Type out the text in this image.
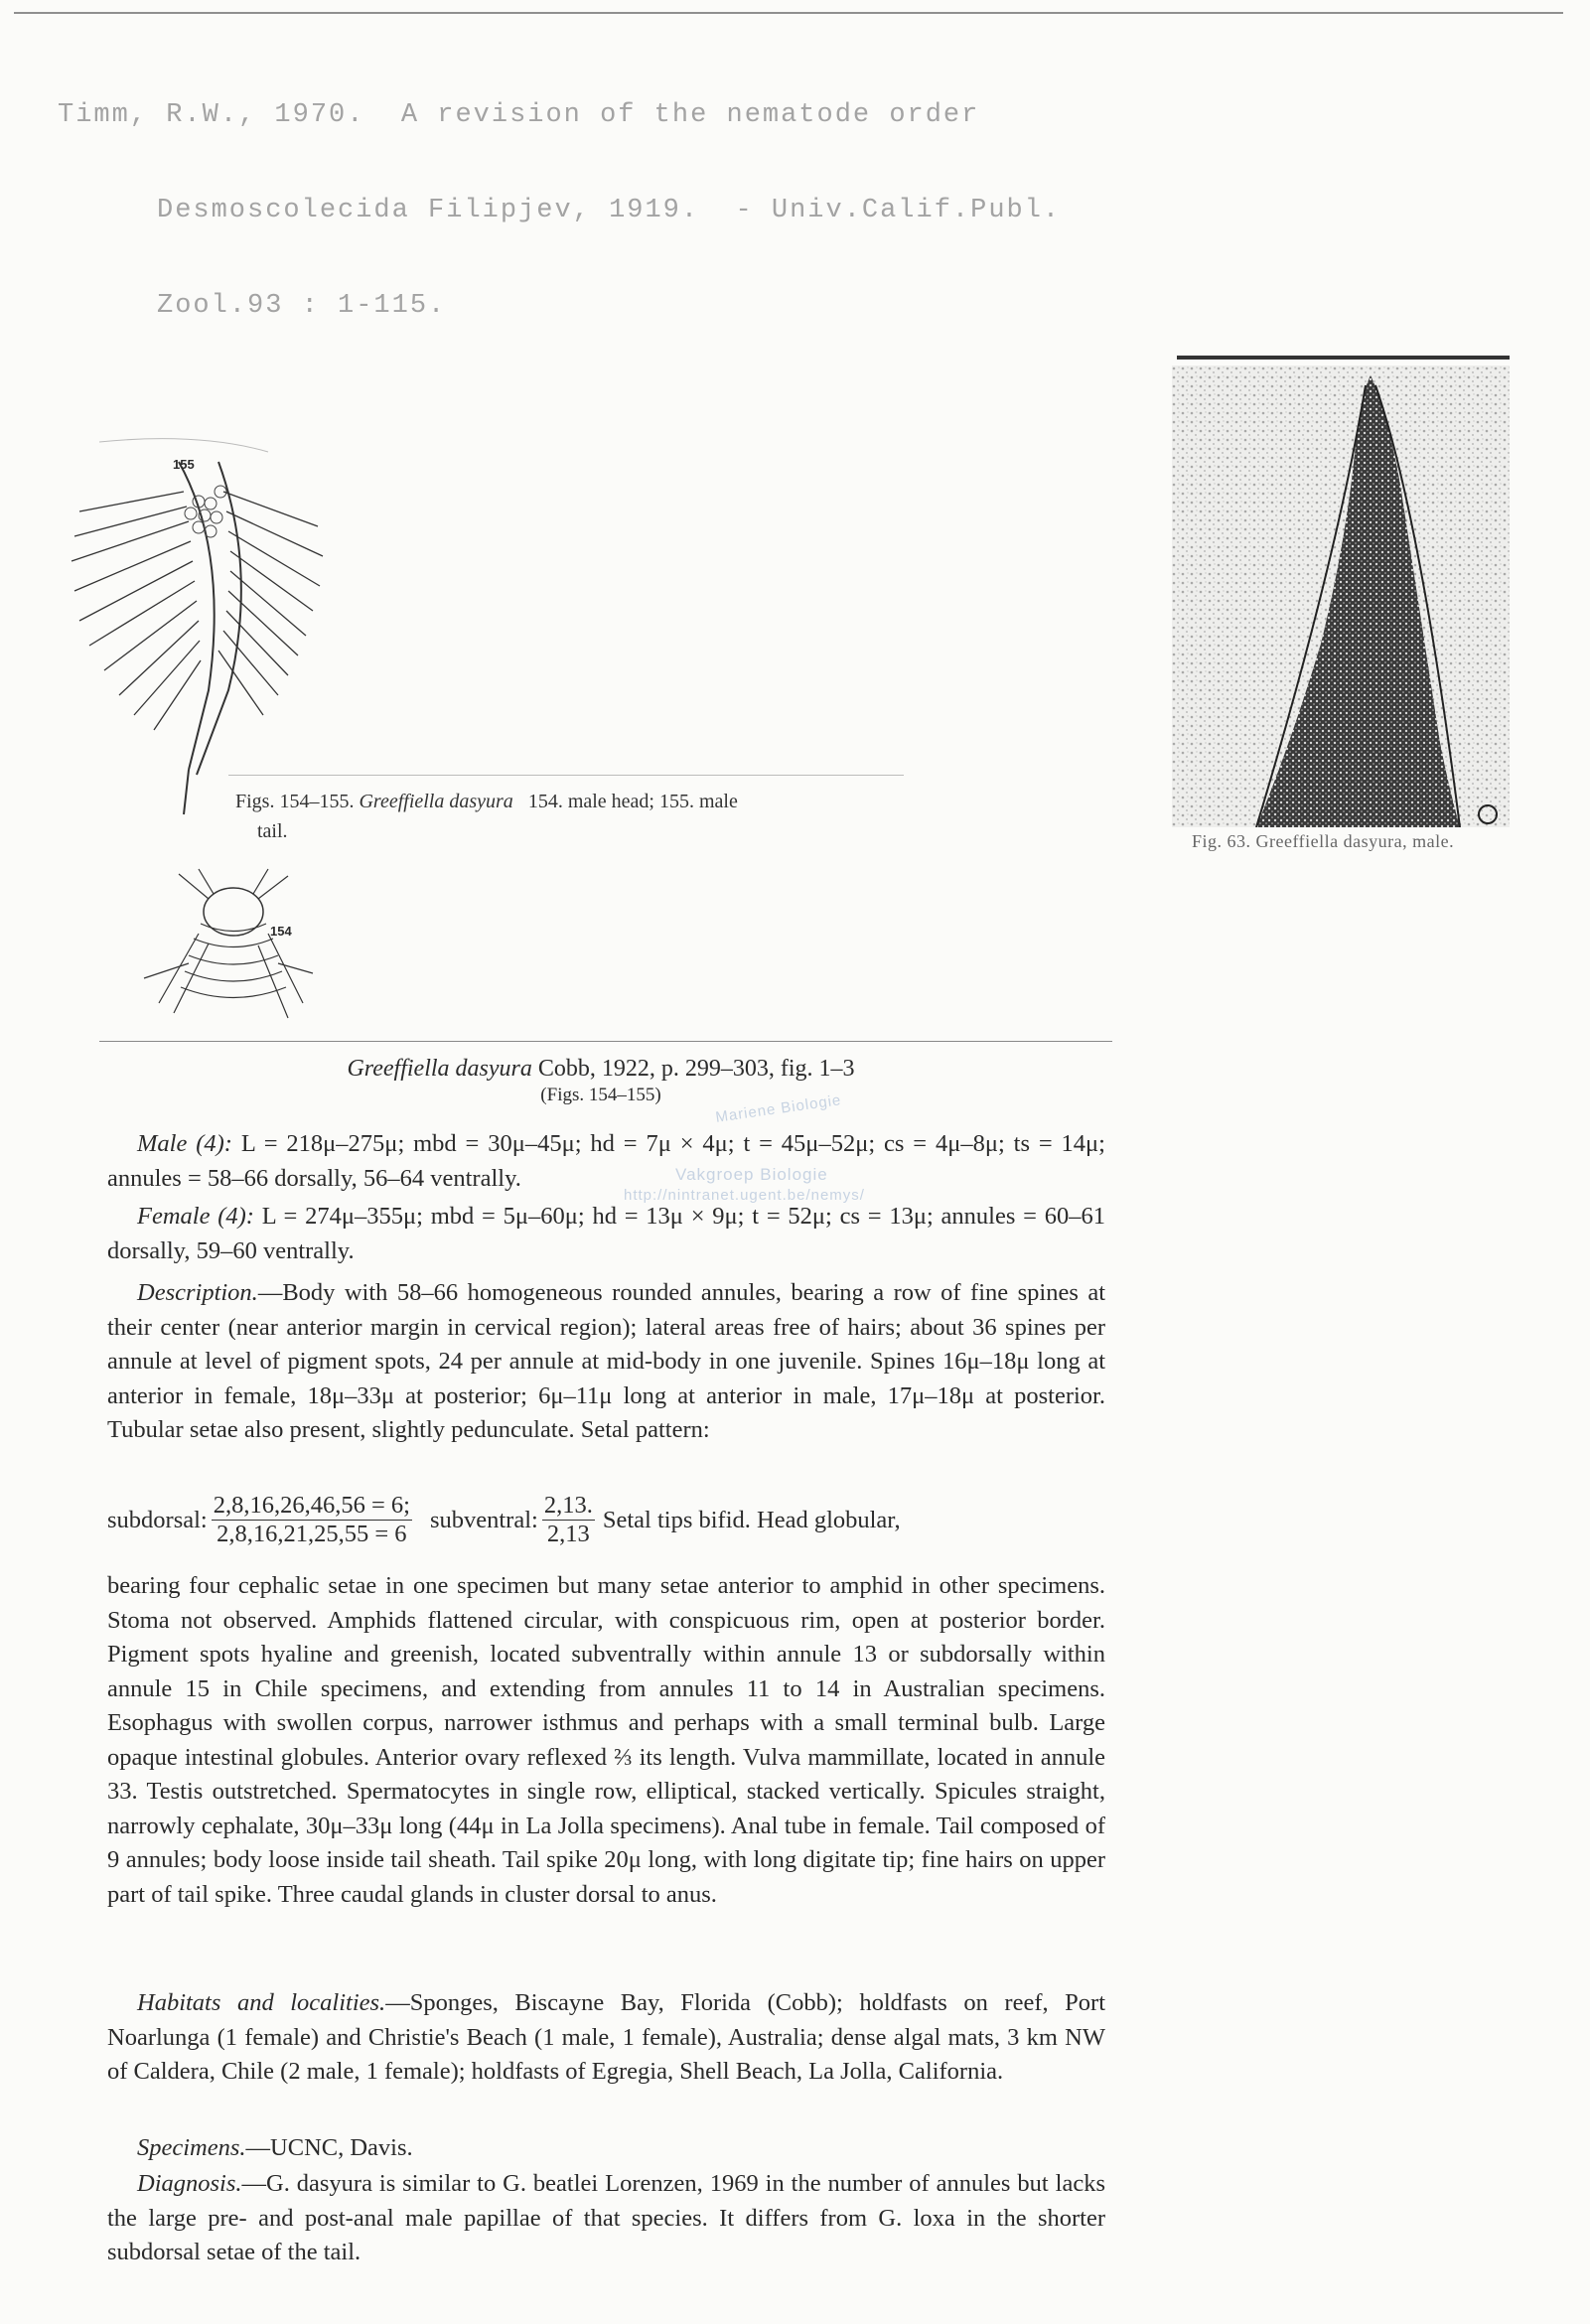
Timm, R.W., 1970.  A revision of the nematode order

Desmoscolecida Filipjev, 1919.  - Univ.Calif.Publ.

Zool.93 : 1-115.

155
Figs. 154–155. Greeffiella dasyura 154. male head; 155. male
tail.
154
Fig. 63. Greeffiella dasyura, male.
Greeffiella dasyura Cobb, 1922, p. 299–303, fig. 1–3
(Figs. 154–155)	Mariene Biologie
http://nintranet.ugent.be/nemys/
Vakgroep Biologie

Male (4): L = 218μ–275μ; mbd = 30μ–45μ; hd = 7μ × 4μ; t = 45μ–52μ; cs = 4μ–8μ; ts = 14μ; annules = 58–66 dorsally, 56–64 ventrally.

Female (4): L = 274μ–355μ; mbd = 5μ–60μ; hd = 13μ × 9μ; t = 52μ; cs = 13μ; annules = 60–61 dorsally, 59–60 ventrally.

Description.—Body with 58–66 homogeneous rounded annules, bearing a row of fine spines at their center (near anterior margin in cervical region); lateral areas free of hairs; about 36 spines per annule at level of pigment spots, 24 per annule at mid-body in one juvenile. Spines 16μ–18μ long at anterior in female, 18μ–33μ at posterior; 6μ–11μ long at anterior in male, 17μ–18μ at posterior. Tubular setae also present, slightly pedunculate. Setal pattern:

subdorsal: $\frac{2,8,16,26,46,56 = 6;}{2,8,16,21,25,55 = 6}$ subventral: $\frac{2,13.}{2,13}$ Setal tips bifid. Head globular,

bearing four cephalic setae in one specimen but many setae anterior to amphid in other specimens. Stoma not observed. Amphids flattened circular, with conspicuous rim, open at posterior border. Pigment spots hyaline and greenish, located subventrally within annule 13 or subdorsally within annule 15 in Chile specimens, and extending from annules 11 to 14 in Australian specimens. Esophagus with swollen corpus, narrower isthmus and perhaps with a small terminal bulb. Large opaque intestinal globules. Anterior ovary reflexed ⅔ its length. Vulva mammillate, located in annule 33. Testis outstretched. Spermatocytes in single row, elliptical, stacked vertically. Spicules straight, narrowly cephalate, 30μ–33μ long (44μ in La Jolla specimens). Anal tube in female. Tail composed of 9 annules; body loose inside tail sheath. Tail spike 20μ long, with long digitate tip; fine hairs on upper part of tail spike. Three caudal glands in cluster dorsal to anus.

Habitats and localities.—Sponges, Biscayne Bay, Florida (Cobb); holdfasts on reef, Port Noarlunga (1 female) and Christie's Beach (1 male, 1 female), Australia; dense algal mats, 3 km NW of Caldera, Chile (2 male, 1 female); holdfasts of Egregia, Shell Beach, La Jolla, California.

Specimens.—UCNC, Davis.

Diagnosis.—G. dasyura is similar to G. beatlei Lorenzen, 1969 in the number of annules but lacks the large pre- and post-anal male papillae of that species. It differs from G. loxa in the shorter subdorsal setae of the tail.
